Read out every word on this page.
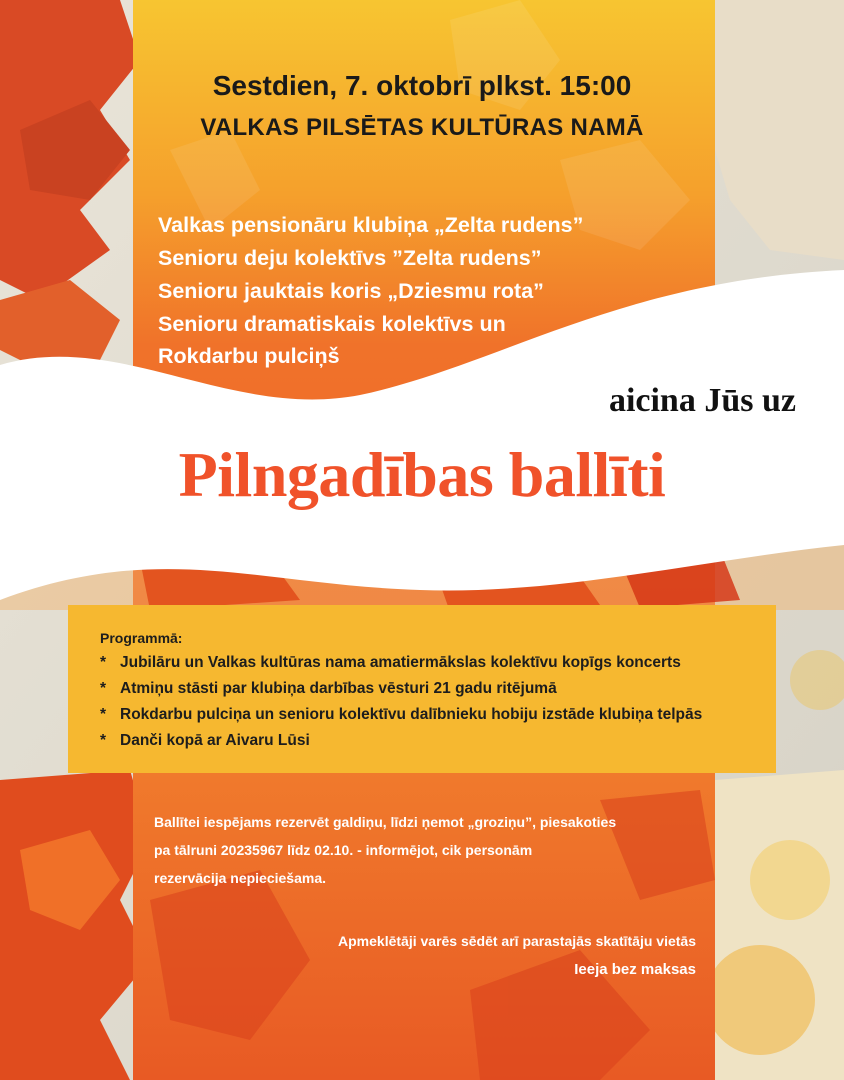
Sestdien, 7. oktobrī plkst. 15:00
VALKAS PILSĒTAS KULTŪRAS NAMĀ
Valkas pensionāru klubiņa „Zelta rudens”
Senioru deju kolektīvs ”Zelta rudens”
Senioru jauktais koris „Dziesmu rota”
Senioru dramatiskais kolektīvs un
Rokdarbu pulciņš
aicina Jūs uz
Pilngadības ballīti
Programmā:
* Jubilāru un Valkas kultūras nama amatiermākslas kolektīvu kopīgs koncerts
* Atmiņu stāsti par klubiņa darbības vēsturi 21 gadu ritējumā
* Rokdarbu pulciņa un senioru kolektīvu dalībnieku hobiju izstāde klubiņa telpās
* Danči kopā ar Aivaru Lūsi
Ballītei iespējams rezervēt galdiņu, līdzi ņemot „groziņu”, piesakoties
pa tālruni 20235967 līdz 02.10. - informējot, cik personām
rezervācija nepieciešama.
Apmeklētāji varēs sēdēt arī parastajās skatītāju vietās
Ieeja bez maksas
